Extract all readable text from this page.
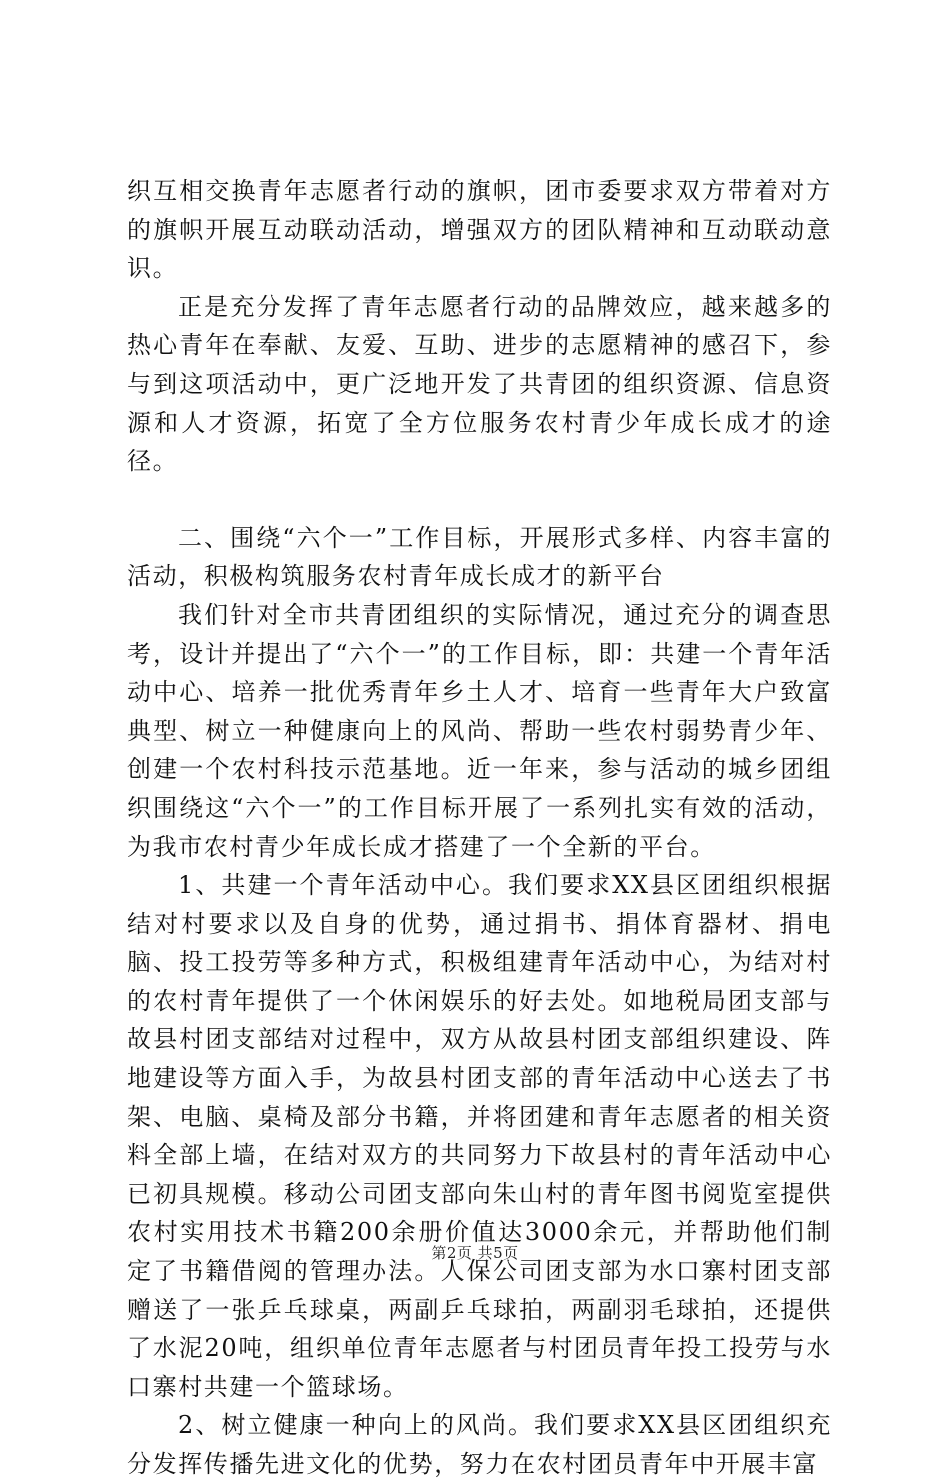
织互相交换青年志愿者行动的旗帜，团市委要求双方带着对方的旗帜开展互动联动活动，增强双方的团队精神和互动联动意识。

正是充分发挥了青年志愿者行动的品牌效应，越来越多的热心青年在奉献、友爱、互助、进步的志愿精神的感召下，参与到这项活动中，更广泛地开发了共青团的组织资源、信息资源和人才资源，拓宽了全方位服务农村青少年成长成才的途径。

二、围绕“六个一”工作目标，开展形式多样、内容丰富的活动，积极构筑服务农村青年成长成才的新平台

我们针对全市共青团组织的实际情况，通过充分的调查思考，设计并提出了“六个一”的工作目标，即：共建一个青年活动中心、培养一批优秀青年乡土人才、培育一些青年大户致富典型、树立一种健康向上的风尚、帮助一些农村弱势青少年、创建一个农村科技示范基地。近一年来，参与活动的城乡团组织围绕这“六个一”的工作目标开展了一系列扎实有效的活动，为我市农村青少年成长成才搭建了一个全新的平台。

1、共建一个青年活动中心。我们要求XX县区团组织根据结对村要求以及自身的优势，通过捐书、捐体育器材、捐电脑、投工投劳等多种方式，积极组建青年活动中心，为结对村的农村青年提供了一个休闲娱乐的好去处。如地税局团支部与故县村团支部结对过程中，双方从故县村团支部组织建设、阵地建设等方面入手，为故县村团支部的青年活动中心送去了书架、电脑、桌椅及部分书籍，并将团建和青年志愿者的相关资料全部上墙，在结对双方的共同努力下故县村的青年活动中心已初具规模。移动公司团支部向朱山村的青年图书阅览室提供农村实用技术书籍200余册价值达3000余元，并帮助他们制定了书籍借阅的管理办法。人保公司团支部为水口寨村团支部赠送了一张乒乓球桌，两副乒乓球拍，两副羽毛球拍，还提供了水泥20吨，组织单位青年志愿者与村团员青年投工投劳与水口寨村共建一个篮球场。

2、树立健康一种向上的风尚。我们要求XX县区团组织充分发挥传播先进文化的优势，努力在农村团员青年中开展丰富

第2页 共5页
